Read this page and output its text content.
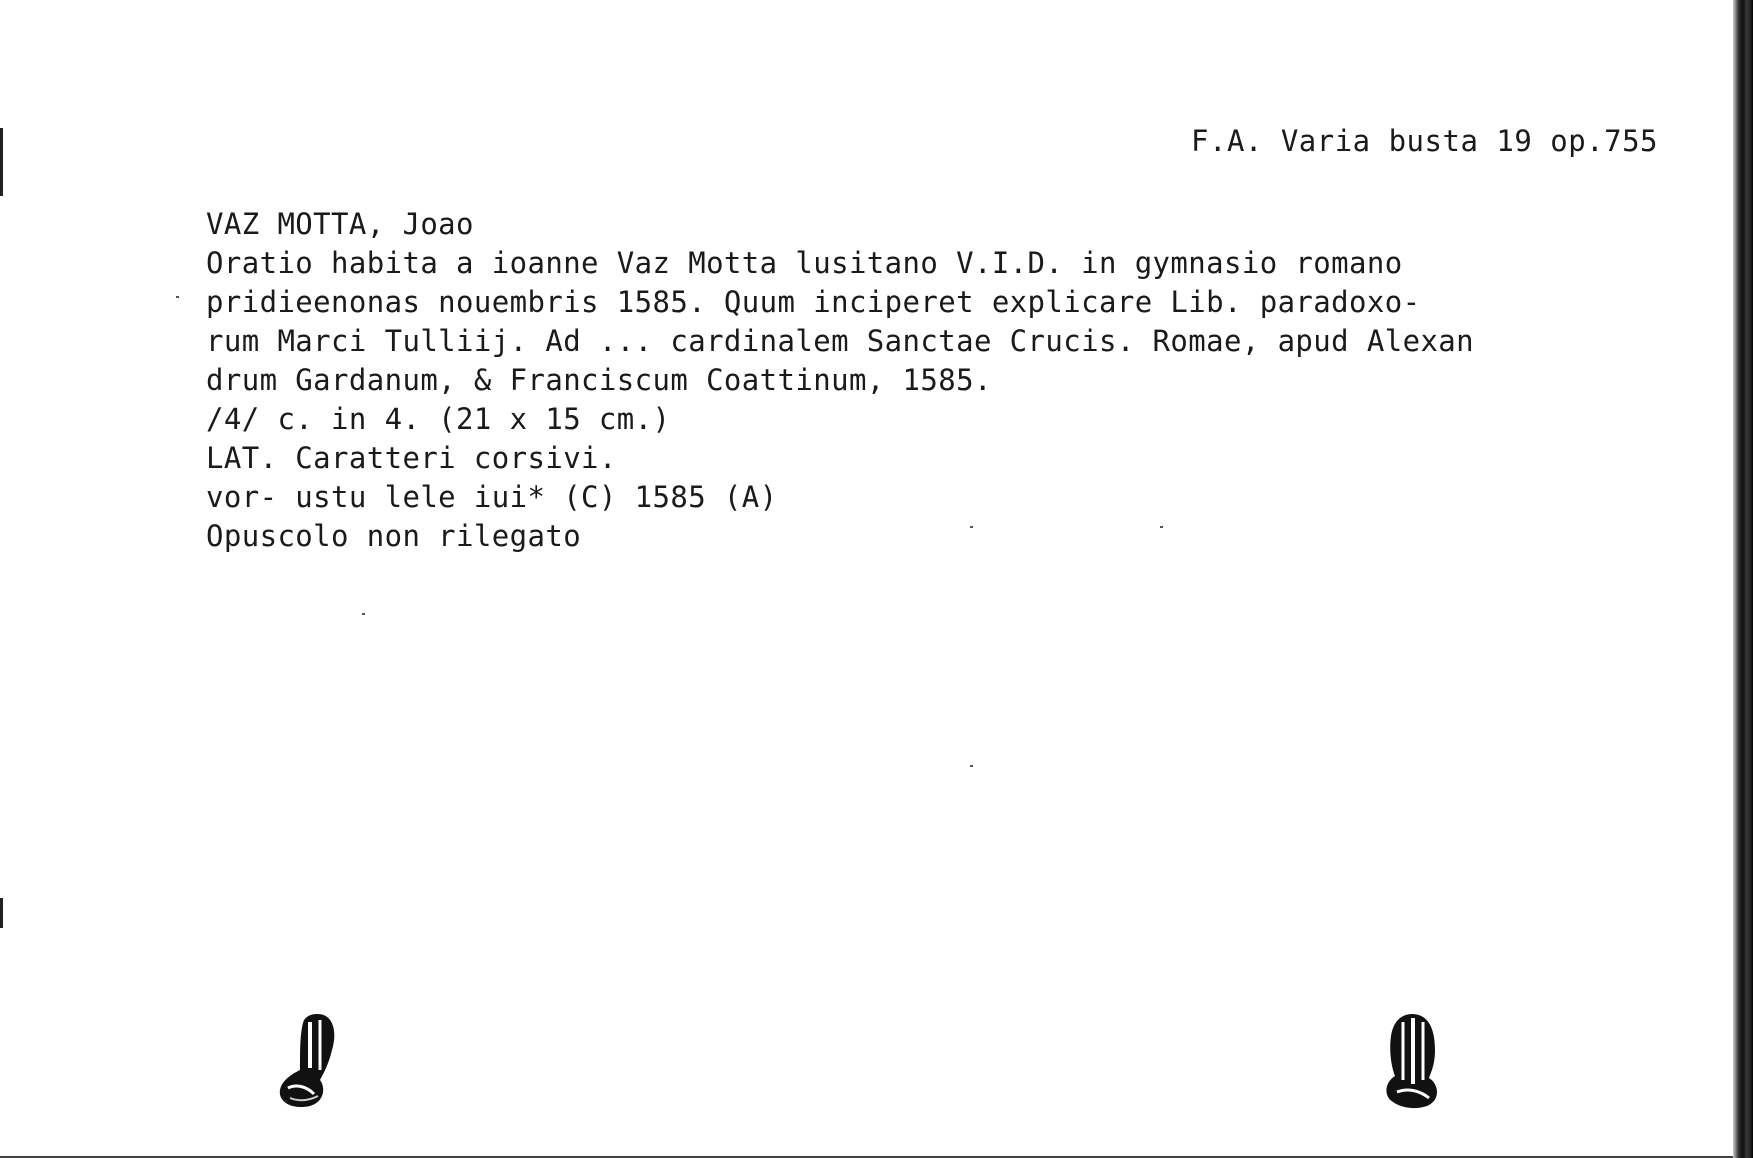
F.A. Varia busta 19 op.755
VAZ MOTTA, Joao
Oratio habita a ioanne Vaz Motta lusitano V.I.D. in gymnasio romano
pridieenonas nouembris 1585. Quum inciperet explicare Lib. paradoxo-
rum Marci Tulliij. Ad ... cardinalem Sanctae Crucis. Romae, apud Alexan
drum Gardanum, & Franciscum Coattinum, 1585.
/4/ c. in 4. (21 x 15 cm.)
LAT. Caratteri corsivi.
vor- ustu lele iui* (C) 1585 (A)
Opuscolo non rilegato
